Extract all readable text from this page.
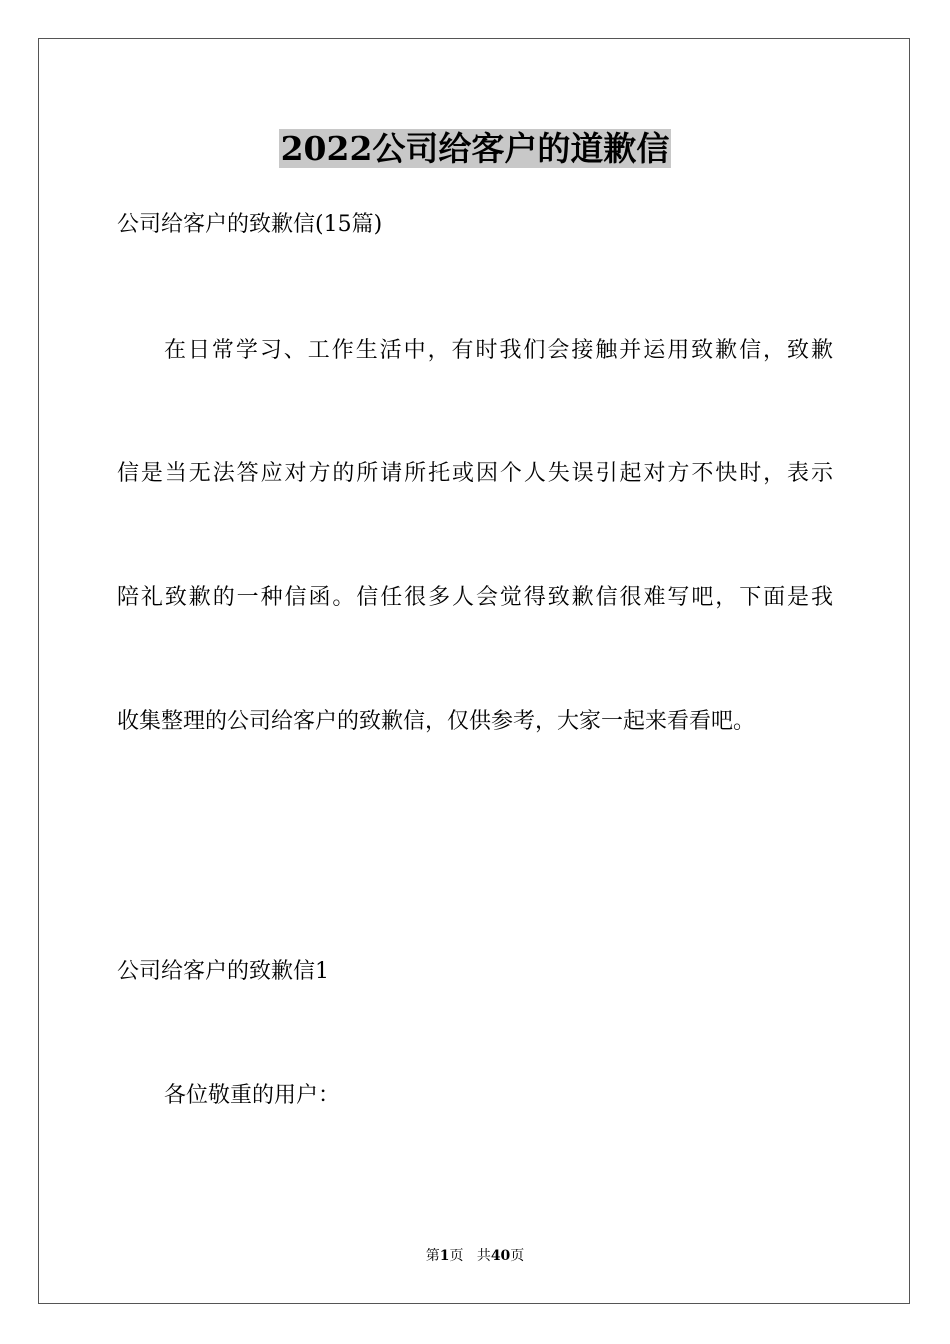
2022公司给客户的道歉信

公司给客户的致歉信(15篇)

在日常学习、工作生活中，有时我们会接触并运用致歉信，致歉

信是当无法答应对方的所请所托或因个人失误引起对方不快时，表示

陪礼致歉的一种信函。信任很多人会觉得致歉信很难写吧，下面是我

收集整理的公司给客户的致歉信，仅供参考，大家一起来看看吧。

公司给客户的致歉信1

各位敬重的用户：

第1页 共40页
